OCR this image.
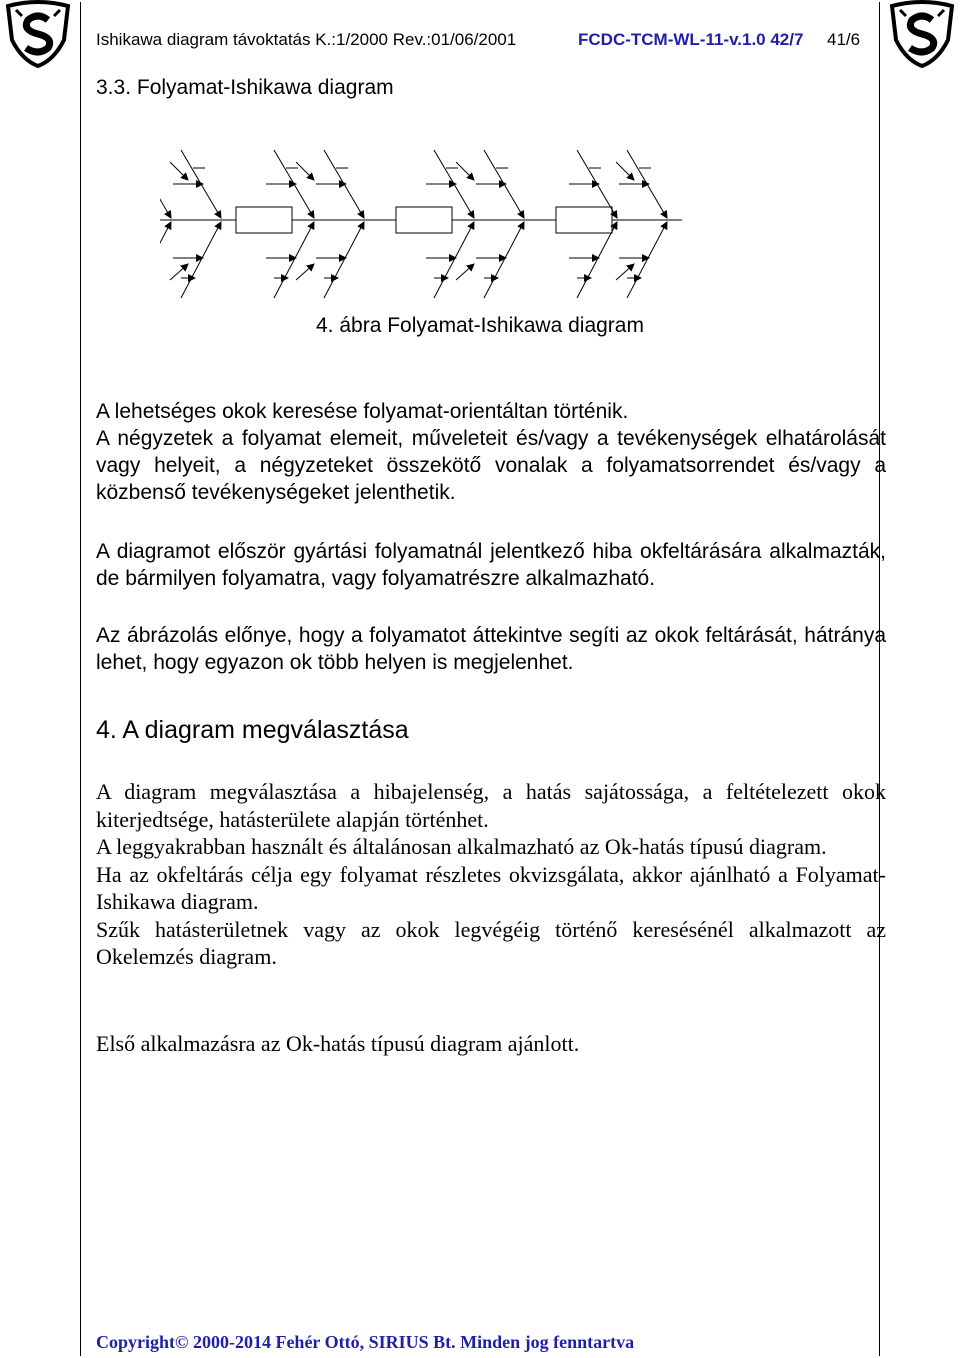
Ishikawa diagram távoktatás K.:1/2000 Rev.:01/06/2001	FCDC-TCM-WL-11-v.1.0 42/7 41/6
3.3. Folyamat-Ishikawa diagram
4. ábra Folyamat-Ishikawa diagram

A lehetséges okok keresése folyamat-orientáltan történik.

A négyzetek a folyamat elemeit, műveleteit és/vagy a tevékenységek elhatárolását vagy helyeit, a négyzeteket összekötő vonalak a folyamatsorrendet és/vagy a közbenső tevékenységeket jelenthetik.

A diagramot először gyártási folyamatnál jelentkező hiba okfeltárására alkalmazták, de bármilyen folyamatra, vagy folyamatrészre alkalmazható.

Az ábrázolás előnye, hogy a folyamatot áttekintve segíti az okok feltárását, hátránya lehet, hogy egyazon ok több helyen is megjelenhet.

4. A diagram megválasztása

A diagram megválasztása a hibajelenség, a hatás sajátossága, a feltételezett okok kiterjedtsége, hatásterülete alapján történhet.

A leggyakrabban használt és általánosan alkalmazható az Ok-hatás típusú diagram.

Ha az okfeltárás célja egy folyamat részletes okvizsgálata, akkor ajánlható a Folyamat-Ishikawa diagram.

Szűk hatásterületnek vagy az okok legvégéig történő keresésénél alkalmazott az Okelemzés diagram.

Első alkalmazásra az Ok-hatás típusú diagram ajánlott.

Copyright© 2000-2014 Fehér Ottó, SIRIUS Bt. Minden jog fenntartva
